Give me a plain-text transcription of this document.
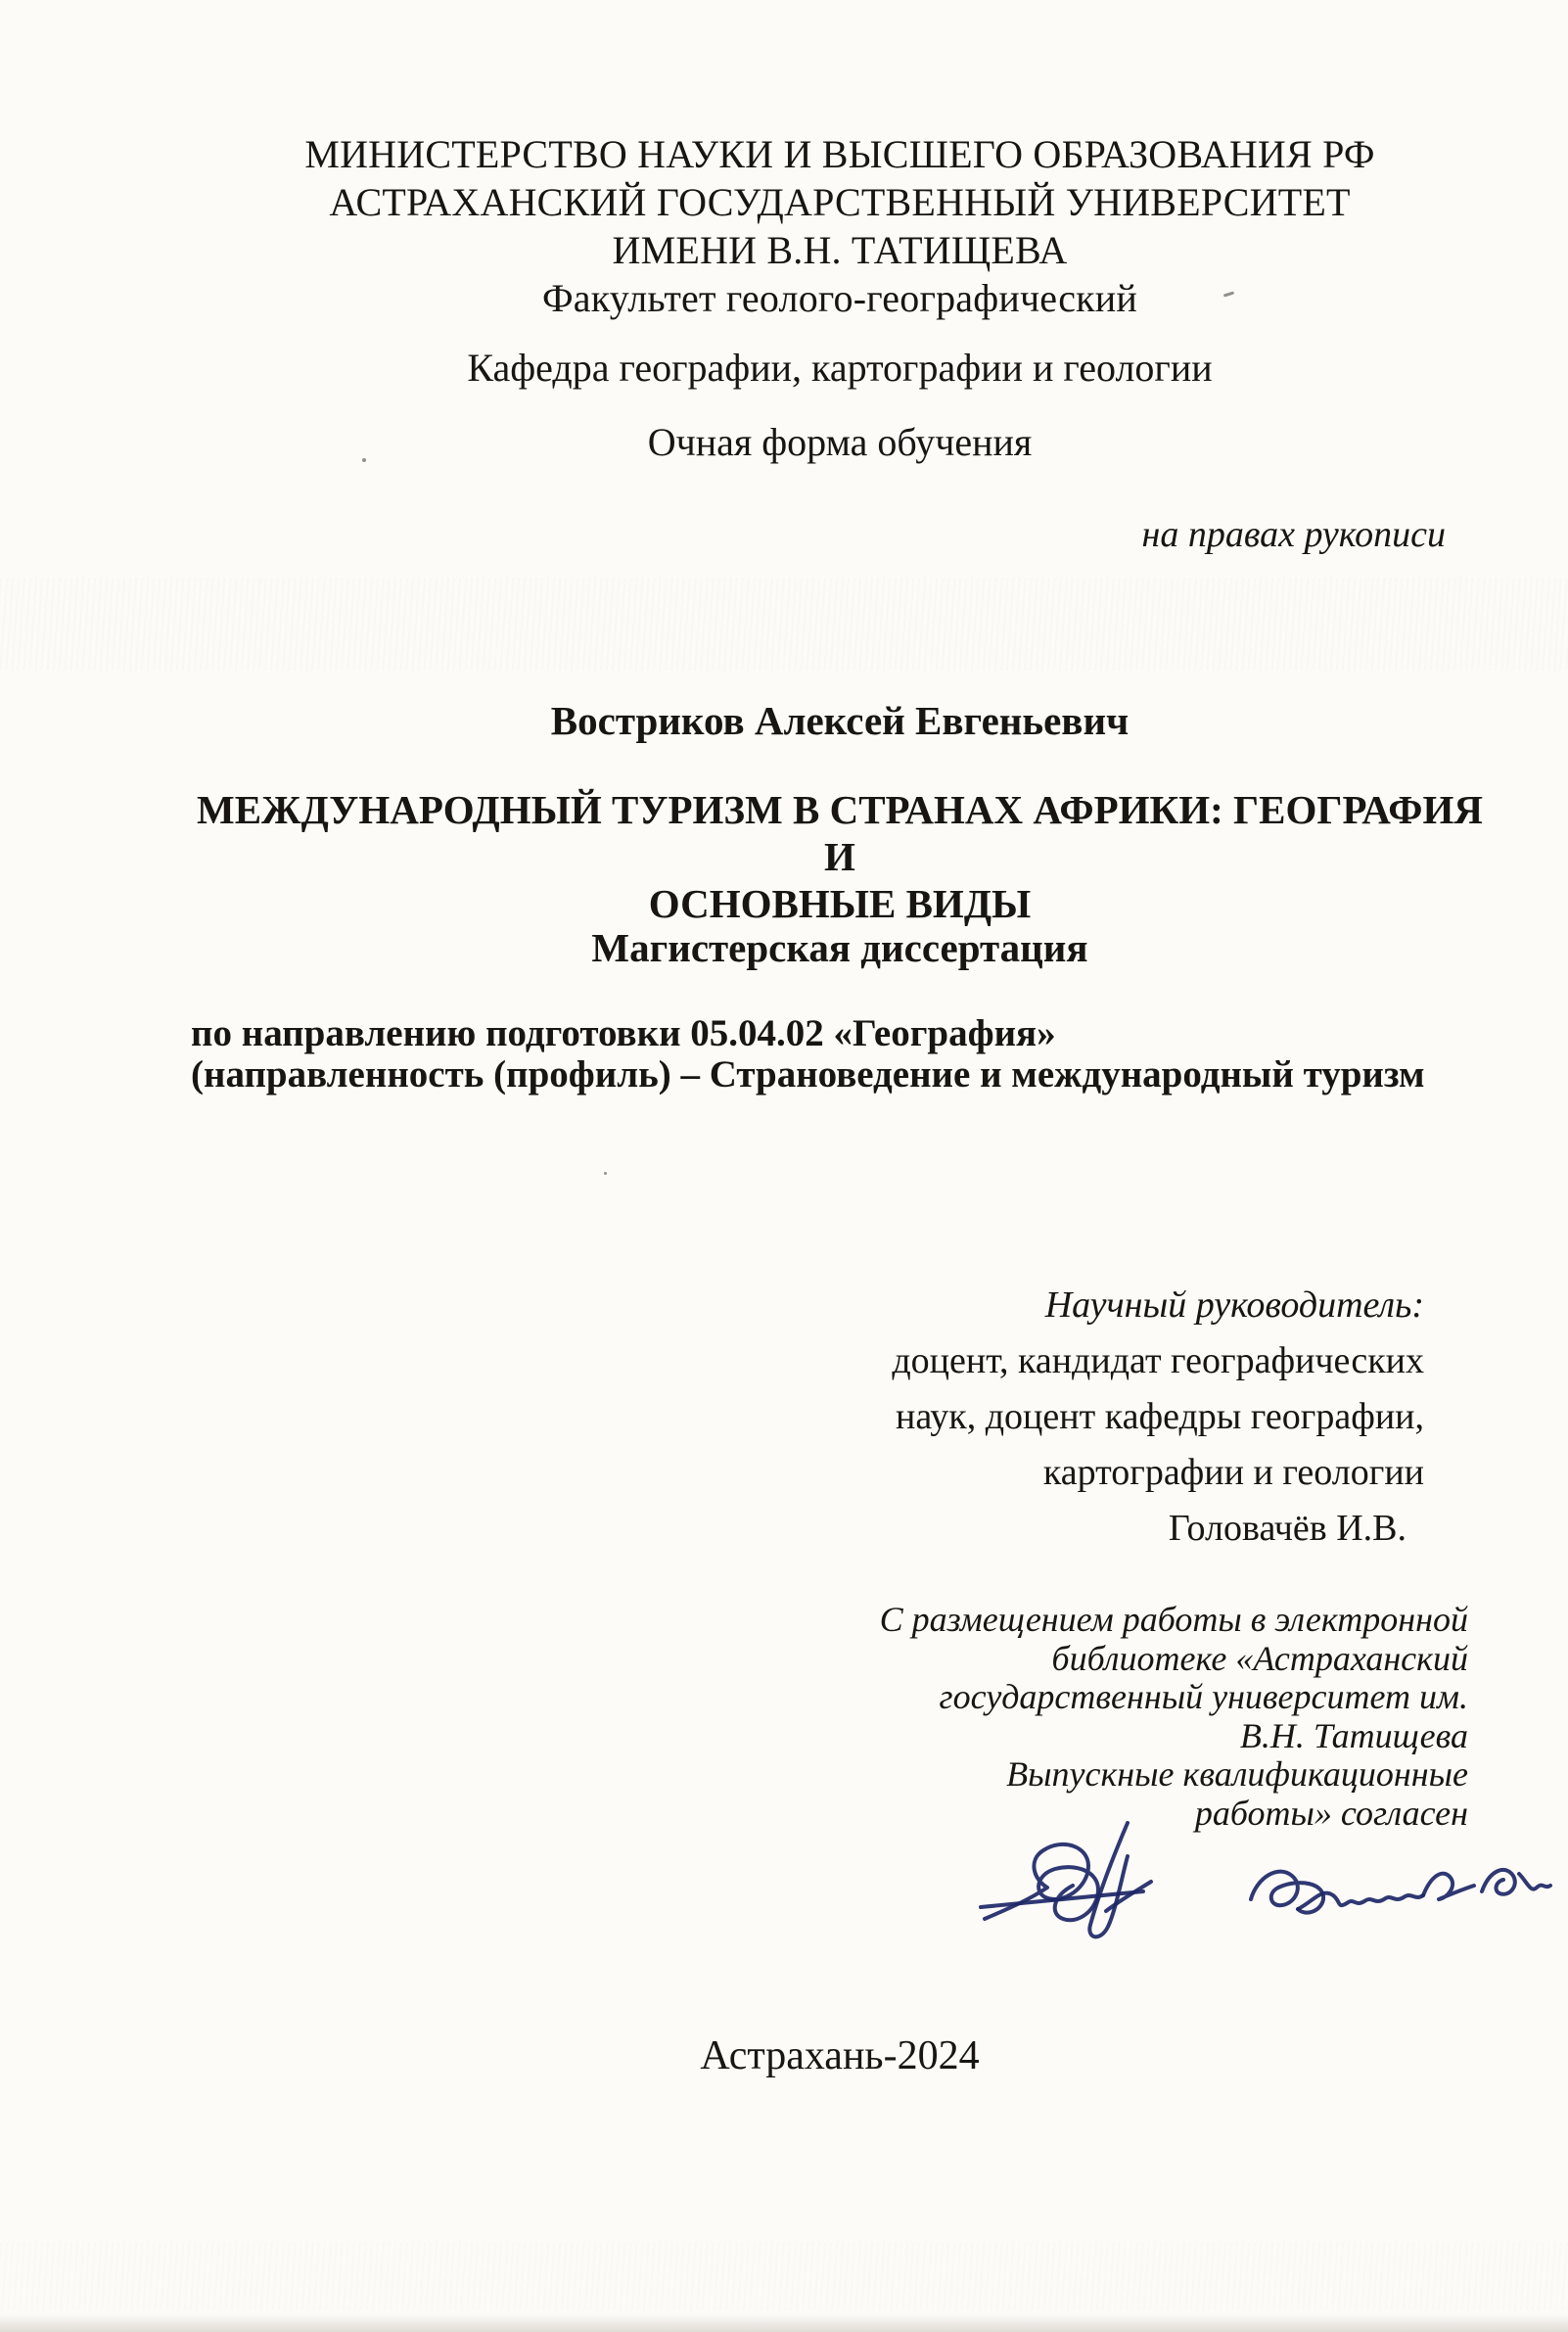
МИНИСТЕРСТВО НАУКИ И ВЫСШЕГО ОБРАЗОВАНИЯ РФ
АСТРАХАНСКИЙ ГОСУДАРСТВЕННЫЙ УНИВЕРСИТЕТ
ИМЕНИ В.Н. ТАТИЩЕВА
Факультет геолого-географический
Кафедра географии, картографии и геологии
Очная форма обучения
на правах рукописи
Востриков Алексей Евгеньевич
МЕЖДУНАРОДНЫЙ ТУРИЗМ В СТРАНАХ АФРИКИ: ГЕОГРАФИЯ И
ОСНОВНЫЕ ВИДЫ
Магистерская диссертация
по направлению подготовки 05.04.02 «География»
(направленность (профиль) – Страноведение и международный туризм
Научный руководитель:
доцент, кандидат географических
наук, доцент кафедры географии,
картографии и геологии
Головачёв И.В.
С размещением работы в электронной
библиотеке «Астраханский
государственный университет им.
В.Н. Татищева
Выпускные квалификационные
работы» согласен
Астрахань-2024
